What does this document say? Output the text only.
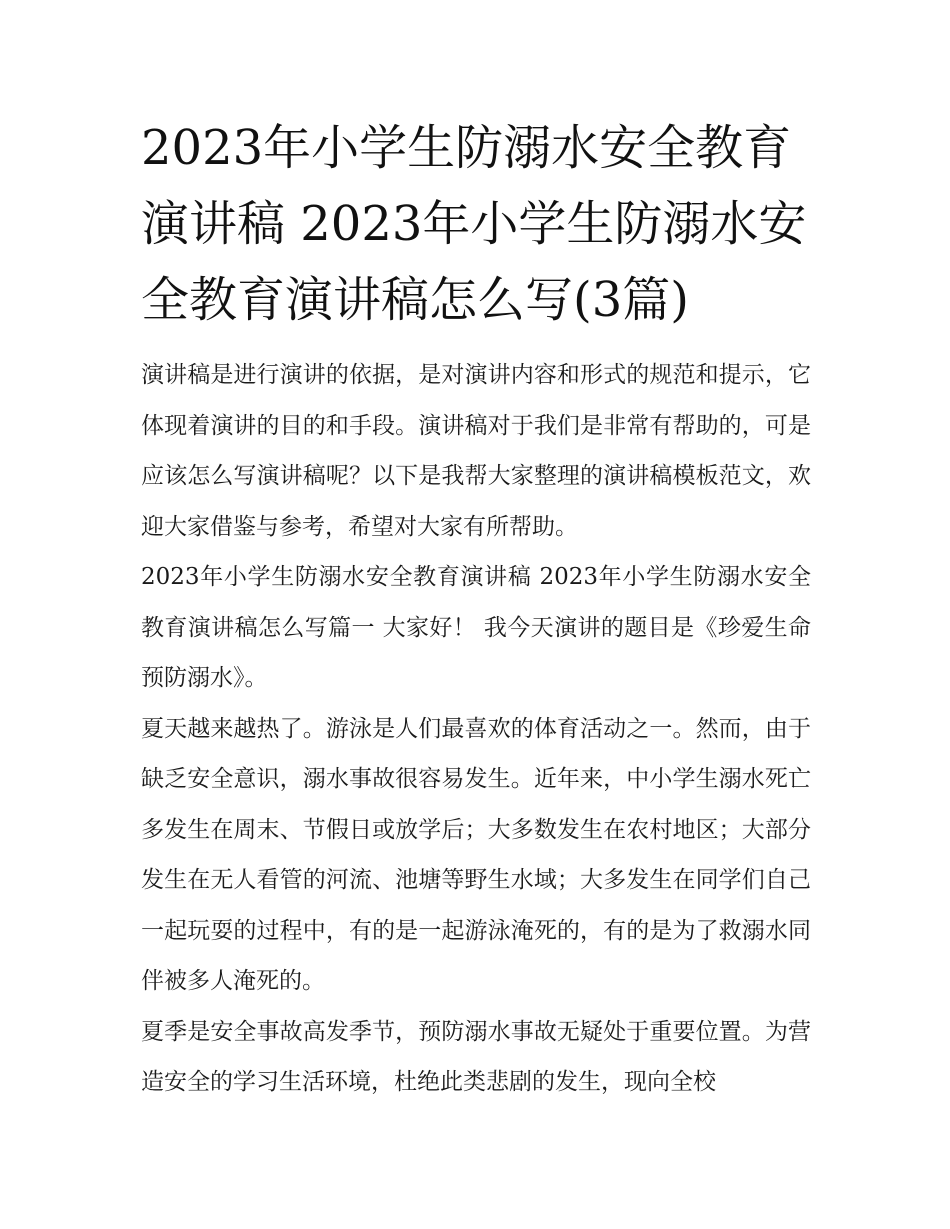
2023年小学生防溺水安全教育演讲稿 2023年小学生防溺水安全教育演讲稿怎么写(3篇)

演讲稿是进行演讲的依据，是对演讲内容和形式的规范和提示，它体现着演讲的目的和手段。演讲稿对于我们是非常有帮助的，可是应该怎么写演讲稿呢？以下是我帮大家整理的演讲稿模板范文，欢迎大家借鉴与参考，希望对大家有所帮助。

2023年小学生防溺水安全教育演讲稿 2023年小学生防溺水安全教育演讲稿怎么写篇一 大家好！ 我今天演讲的题目是《珍爱生命预防溺水》。

夏天越来越热了。游泳是人们最喜欢的体育活动之一。然而，由于缺乏安全意识，溺水事故很容易发生。近年来，中小学生溺水死亡多发生在周末、节假日或放学后；大多数发生在农村地区；大部分发生在无人看管的河流、池塘等野生水域；大多发生在同学们自己一起玩耍的过程中，有的是一起游泳淹死的，有的是为了救溺水同伴被多人淹死的。

夏季是安全事故高发季节，预防溺水事故无疑处于重要位置。为营造安全的学习生活环境，杜绝此类悲剧的发生，现向全校
